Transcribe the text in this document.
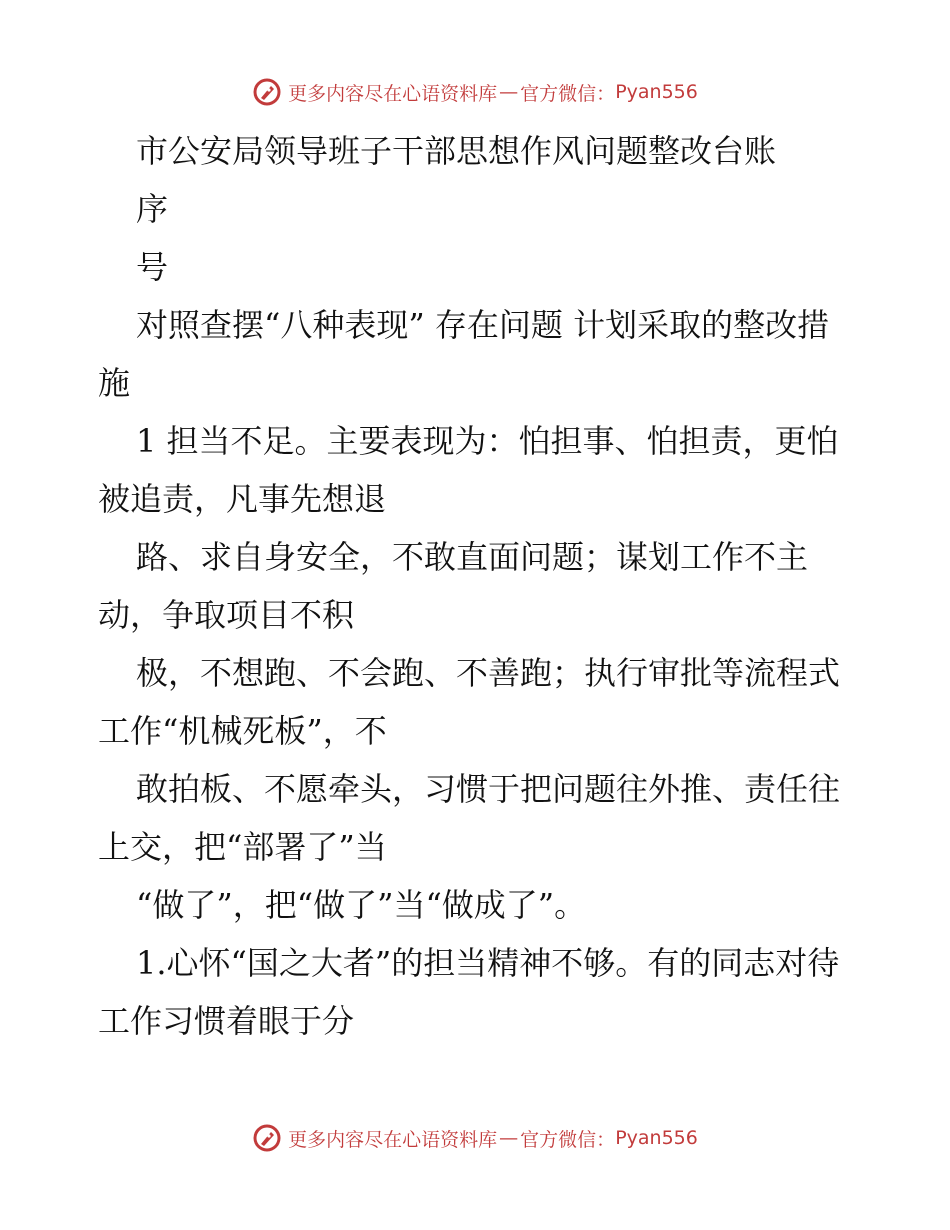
更多内容尽在心语资料库 — 官方微信： Pyan556

市公安局领导班子干部思想作风问题整改台账

序

号

对照查摆“八种表现” 存在问题 计划采取的整改措施

1 担当不足。主要表现为：怕担事、怕担责，更怕被追责，凡事先想退

路、求自身安全，不敢直面问题；谋划工作不主动，争取项目不积

极，不想跑、不会跑、不善跑；执行审批等流程式工作“机械死板”，不

敢拍板、不愿牵头，习惯于把问题往外推、责任往上交，把“部署了”当

“做了”，把“做了”当“做成了”。

1.心怀“国之大者”的担当精神不够。有的同志对待工作习惯着眼于分

更多内容尽在心语资料库 — 官方微信： Pyan556
